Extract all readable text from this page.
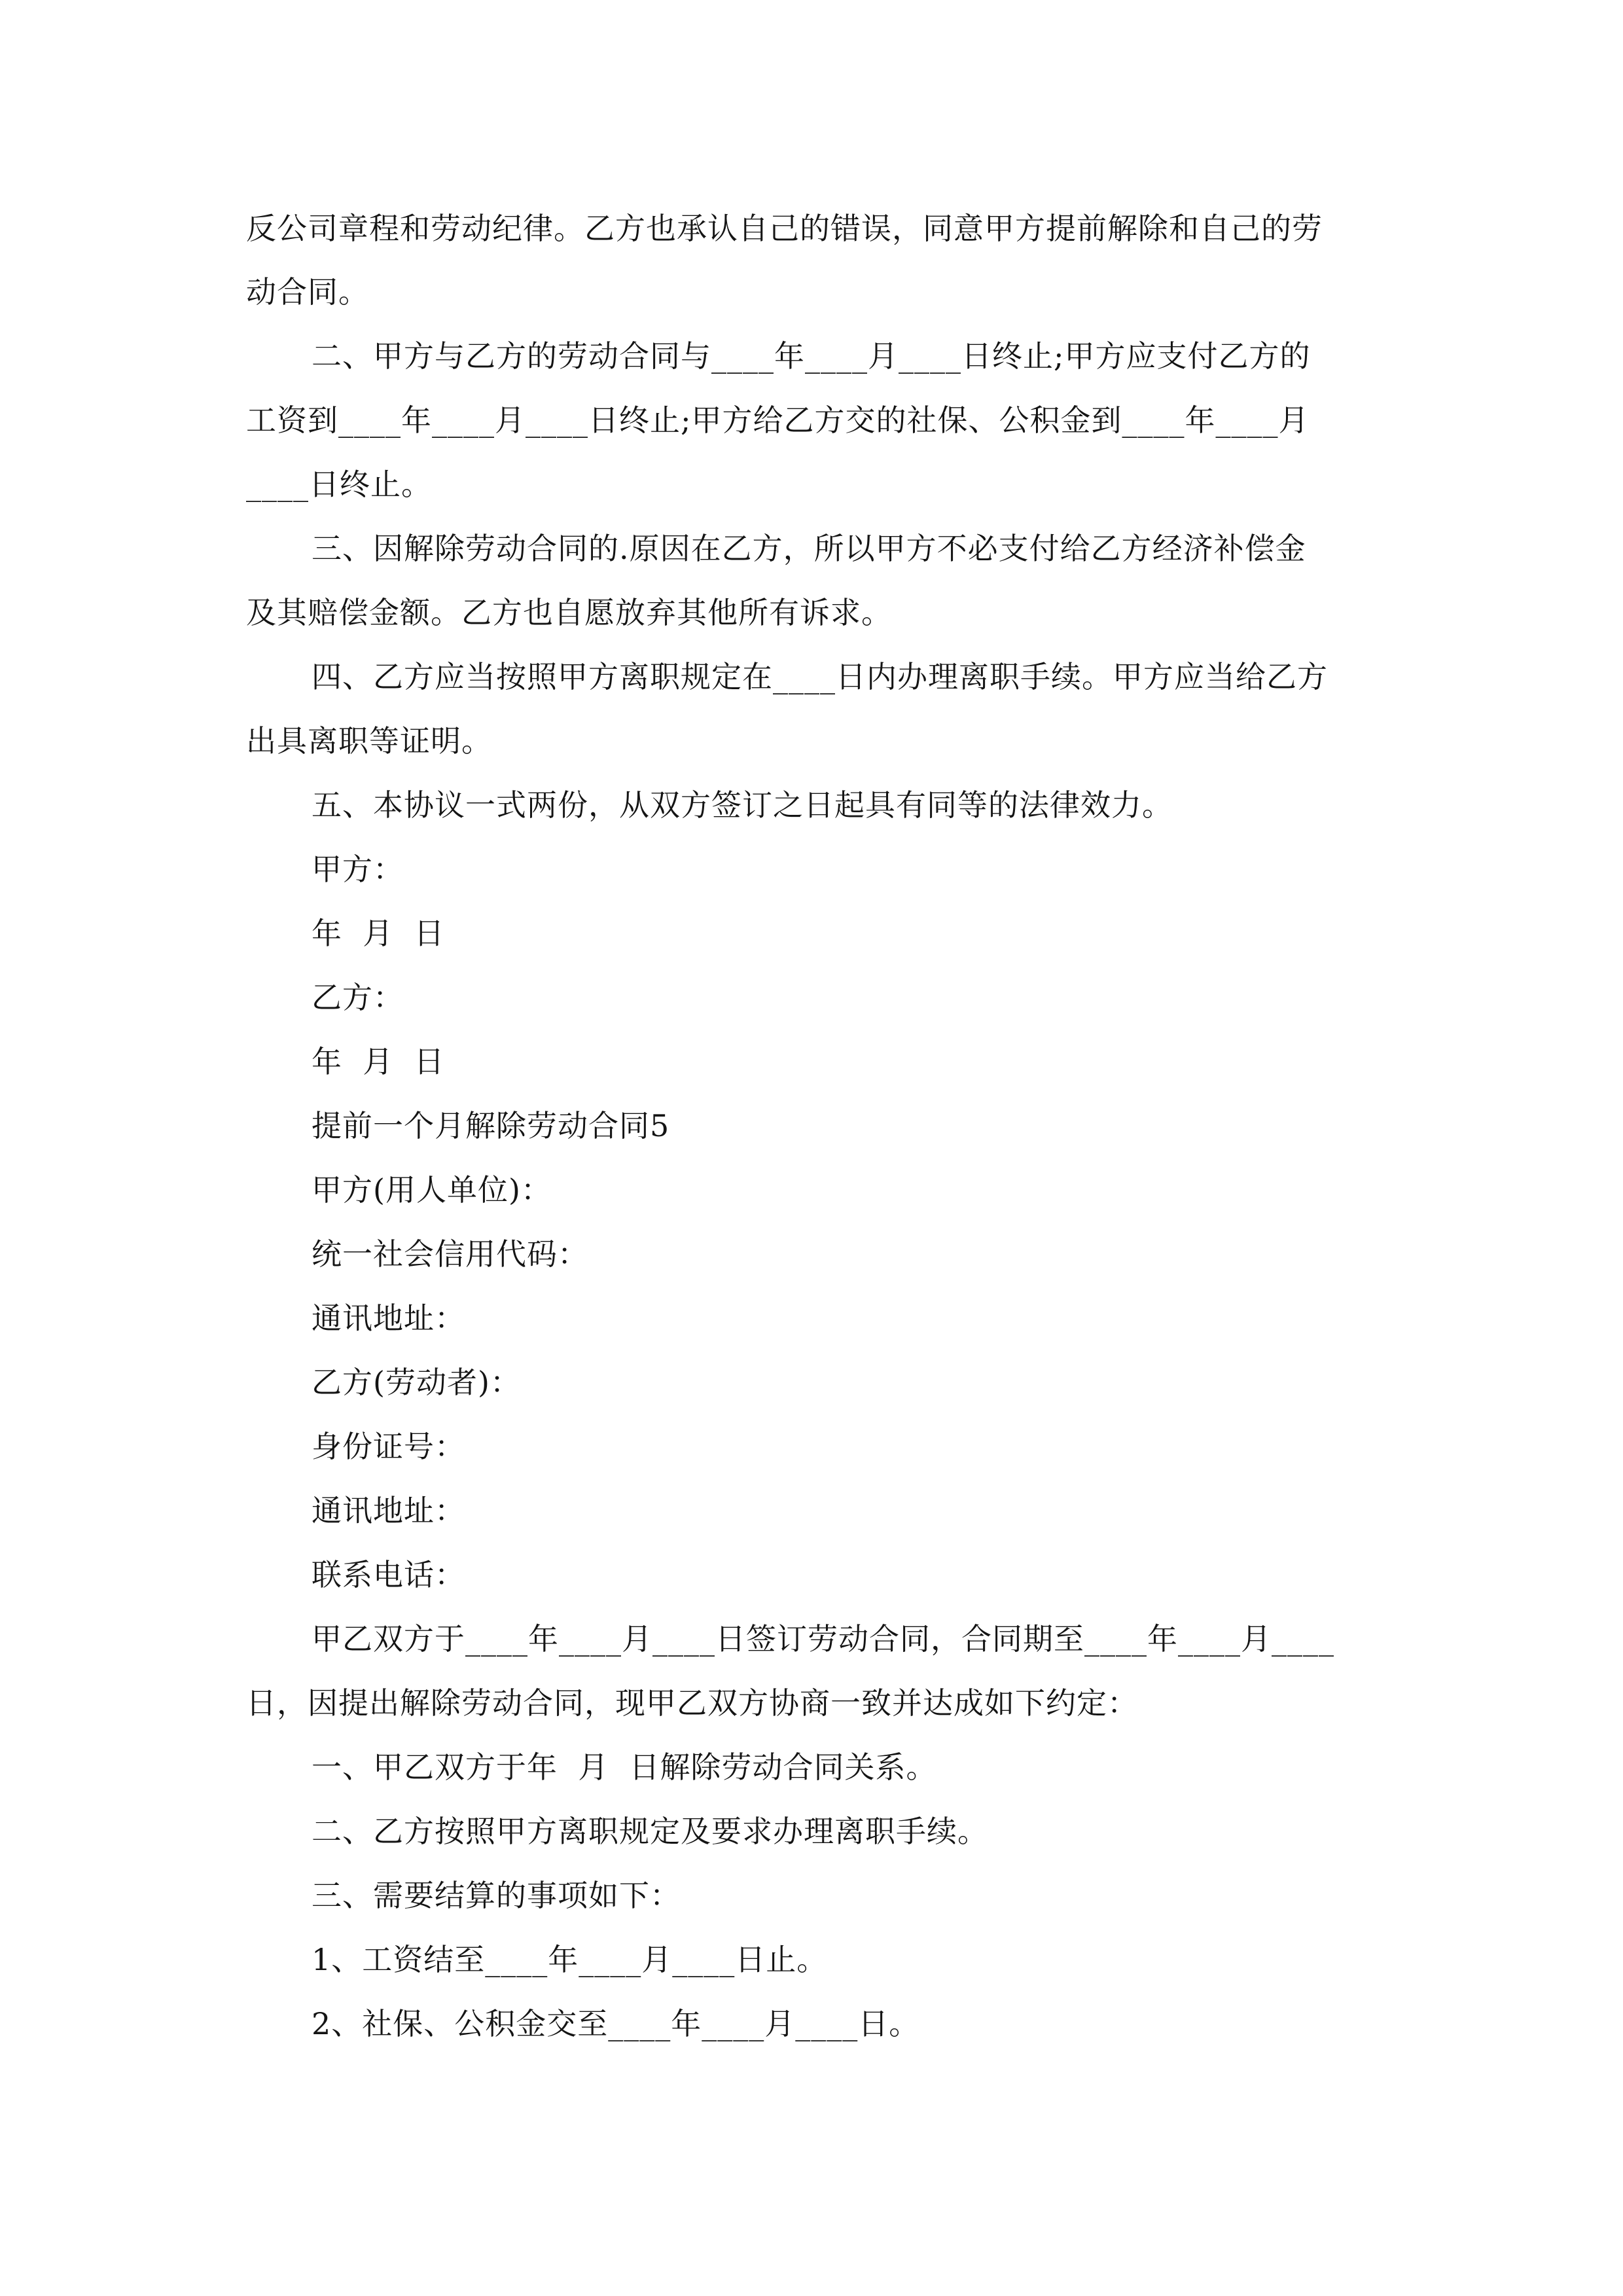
反公司章程和劳动纪律。乙方也承认自己的错误，同意甲方提前解除和自己的劳
动合同。
二、甲方与乙方的劳动合同与____年____月____日终止;甲方应支付乙方的
工资到____年____月____日终止;甲方给乙方交的社保、公积金到____年____月
____日终止。
三、因解除劳动合同的.原因在乙方，所以甲方不必支付给乙方经济补偿金
及其赔偿金额。乙方也自愿放弃其他所有诉求。
四、乙方应当按照甲方离职规定在____日内办理离职手续。甲方应当给乙方
出具离职等证明。
五、本协议一式两份，从双方签订之日起具有同等的法律效力。
甲方：
年  月  日
乙方：
年  月  日
提前一个月解除劳动合同5
甲方(用人单位)：
统一社会信用代码：
通讯地址：
乙方(劳动者)：
身份证号：
通讯地址：
联系电话：
甲乙双方于____年____月____日签订劳动合同，合同期至____年____月____
日，因提出解除劳动合同，现甲乙双方协商一致并达成如下约定：
一、甲乙双方于年  月  日解除劳动合同关系。
二、乙方按照甲方离职规定及要求办理离职手续。
三、需要结算的事项如下：
1、工资结至____年____月____日止。
2、社保、公积金交至____年____月____日。
